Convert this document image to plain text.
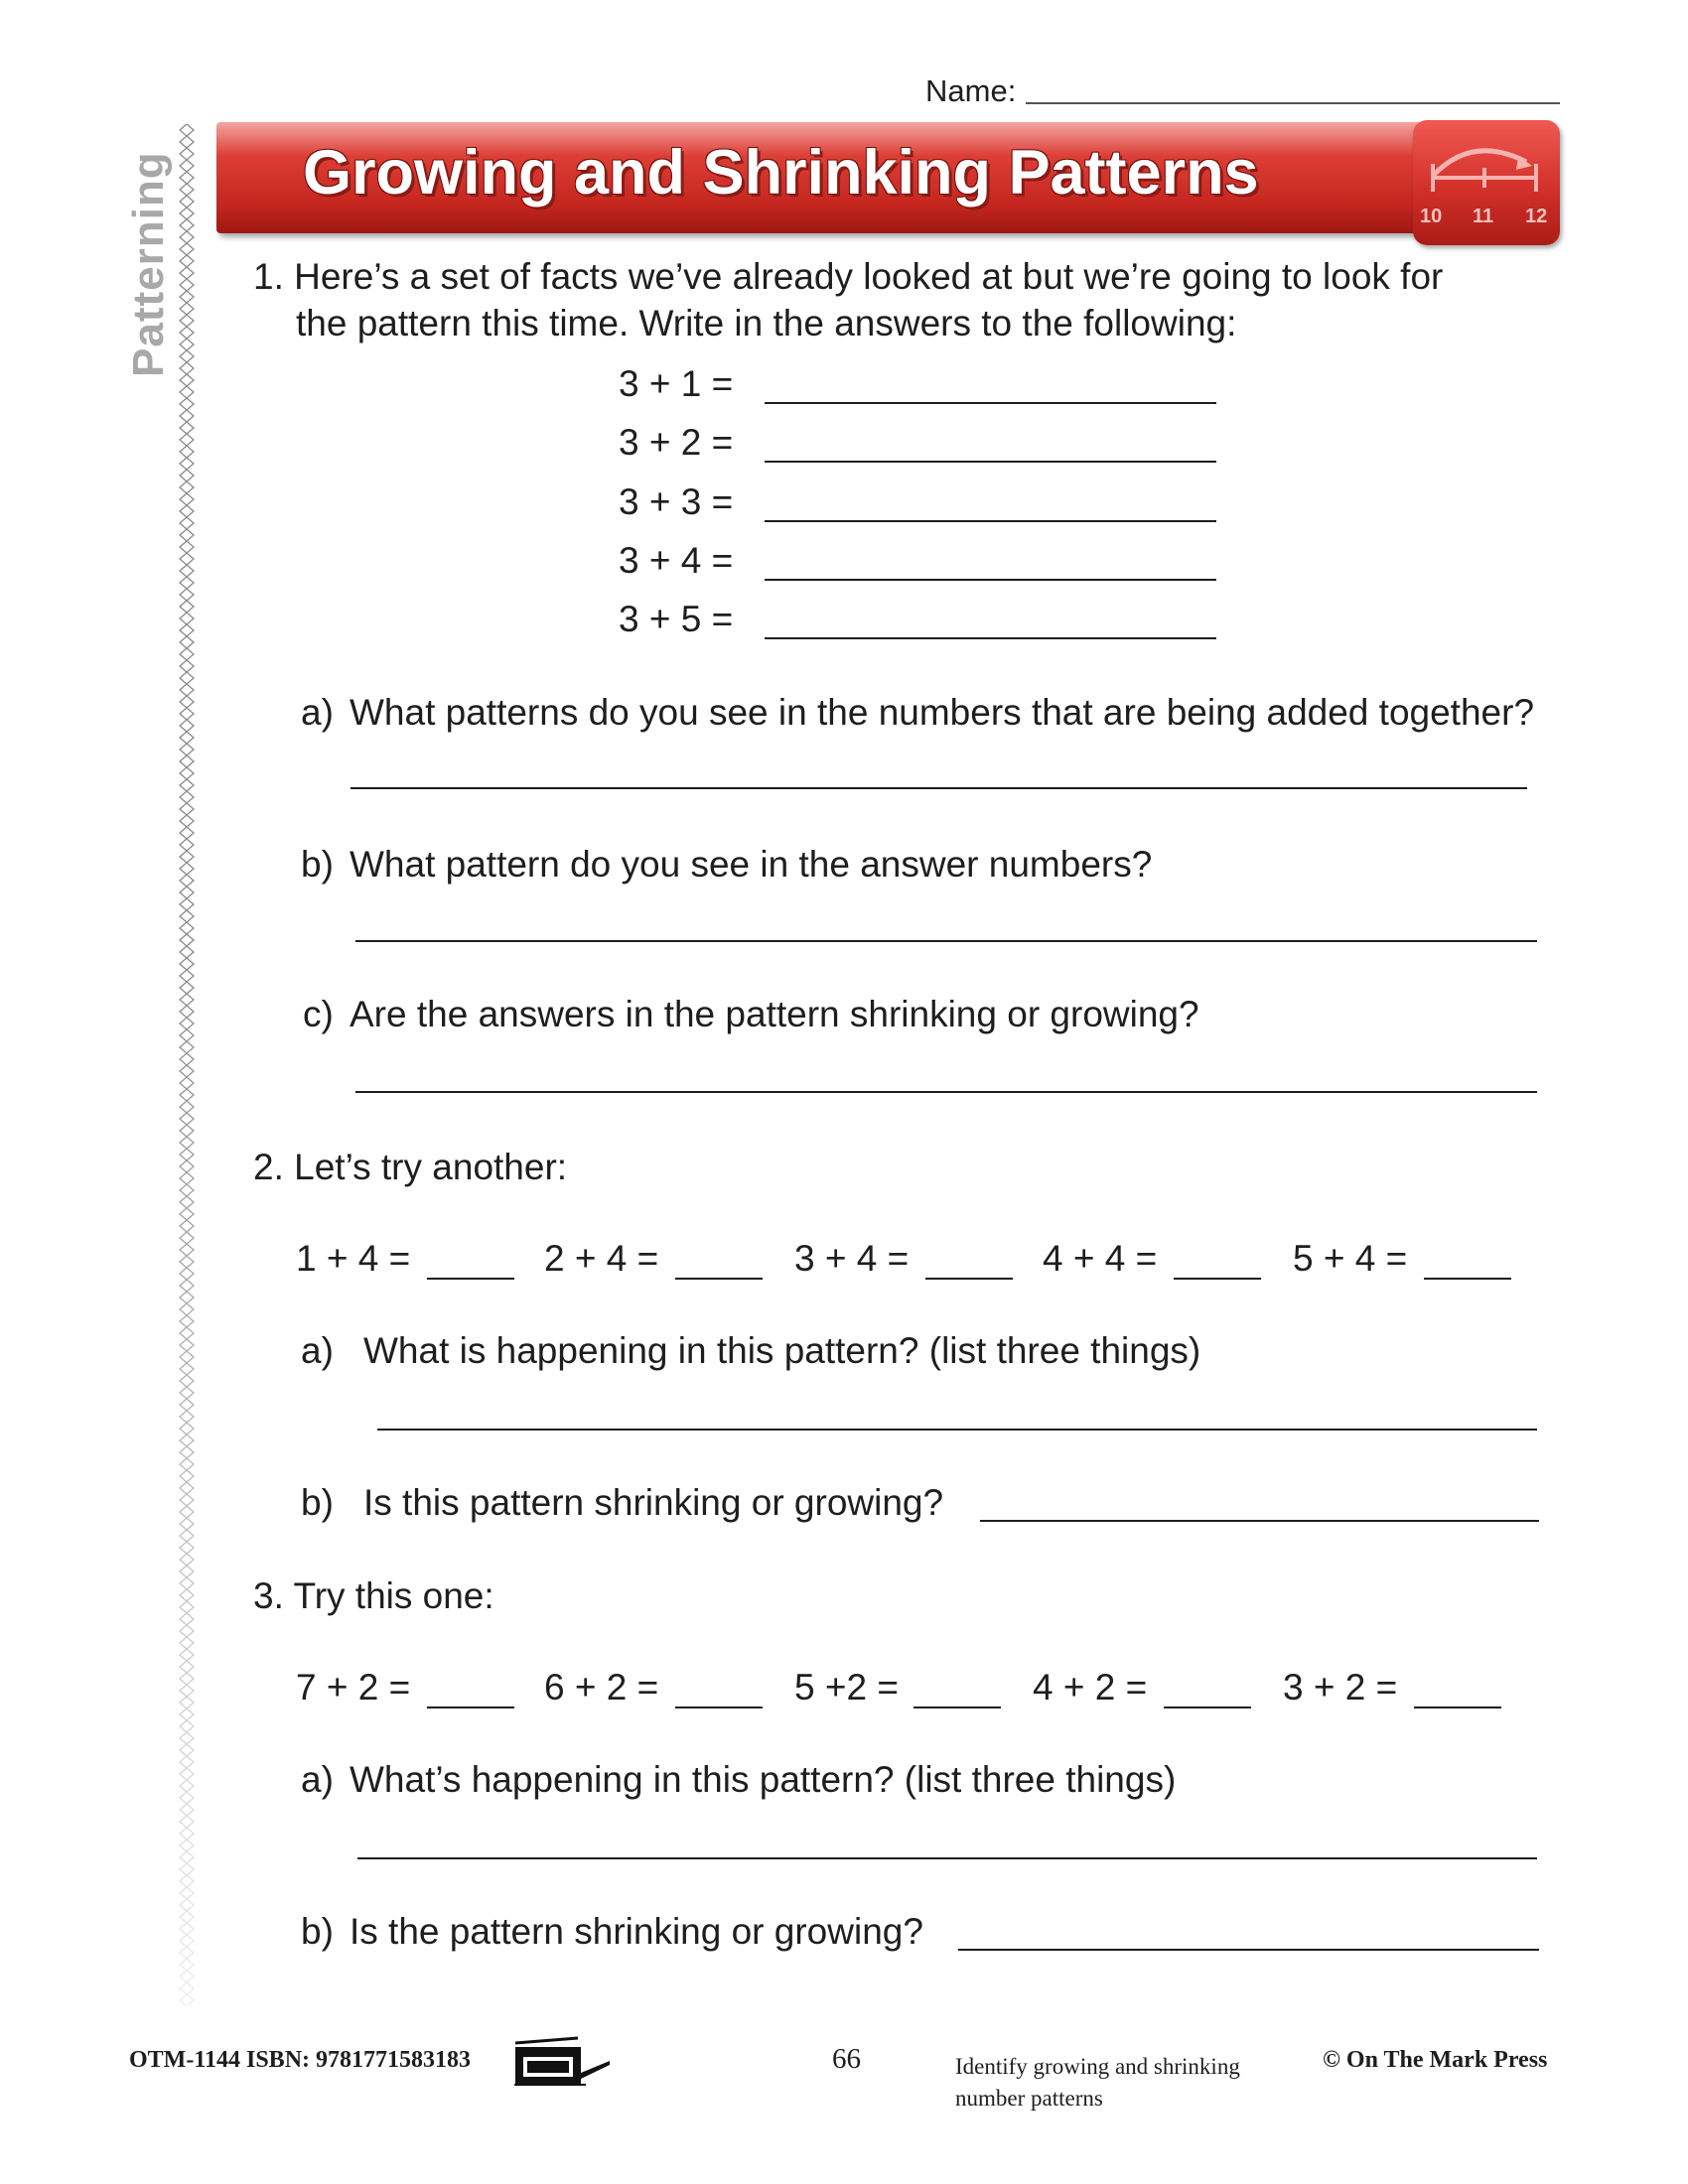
Name:
Patterning Growing and Shrinking Patterns
10 11 12
1. Here’s a set of facts we’ve already looked at but we’re going to look for
the pattern this time. Write in the answers to the following:
3 + 1 =
3 + 2 =
3 + 3 =
3 + 4 =
3 + 5 =
a) What patterns do you see in the numbers that are being added together?
b) What pattern do you see in the answer numbers?
c) Are the answers in the pattern shrinking or growing?
2. Let’s try another:
1 + 4 =	2 + 4 =	3 + 4 =	4 + 4 =	5 + 4 =
a) What is happening in this pattern? (list three things)
b) Is this pattern shrinking or growing?
3. Try this one:
7 + 2 =	6 + 2 =	5 +2 =	4 + 2 =	3 + 2 =
a) What’s happening in this pattern? (list three things)
b) Is the pattern shrinking or growing?
OTM-1144 ISBN: 9781771583183	66	Identify growing and shrinking
number patterns
© On The Mark Press
